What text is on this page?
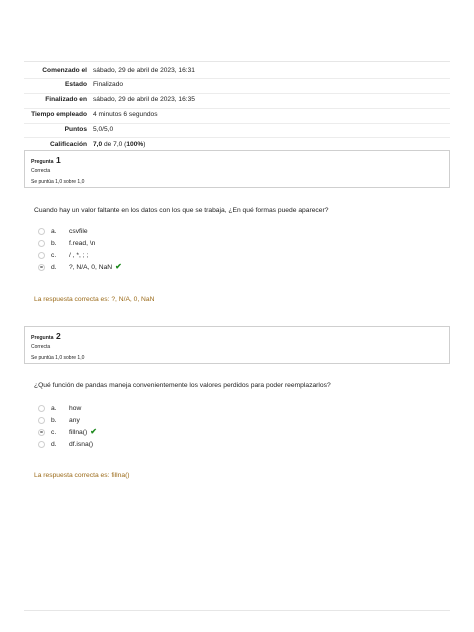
Comenzado el sábado, 29 de abril de 2023, 16:31
Estado Finalizado
Finalizado en sábado, 29 de abril de 2023, 16:35
Tiempo empleado 4 minutos 6 segundos
Puntos 5,0/5,0
Calificación 7,0 de 7,0 (100%)
Pregunta 1
Correcta
Se puntúa 1,0 sobre 1,0
Cuando hay un valor faltante en los datos con los que se trabaja, ¿En qué formas puede aparecer?
a.	csvfile
b.	f.read, \n
c.	/ , *, ; ;
d.	?, N/A, 0, NaN ✔
La respuesta correcta es: ?, N/A, 0, NaN
Pregunta 2
Correcta
Se puntúa 1,0 sobre 1,0
¿Qué función de pandas maneja convenientemente los valores perdidos para poder reemplazarlos?
a.	how
b.	any
c.	fillna() ✔
d.	df.isna()
La respuesta correcta es: fillna()
